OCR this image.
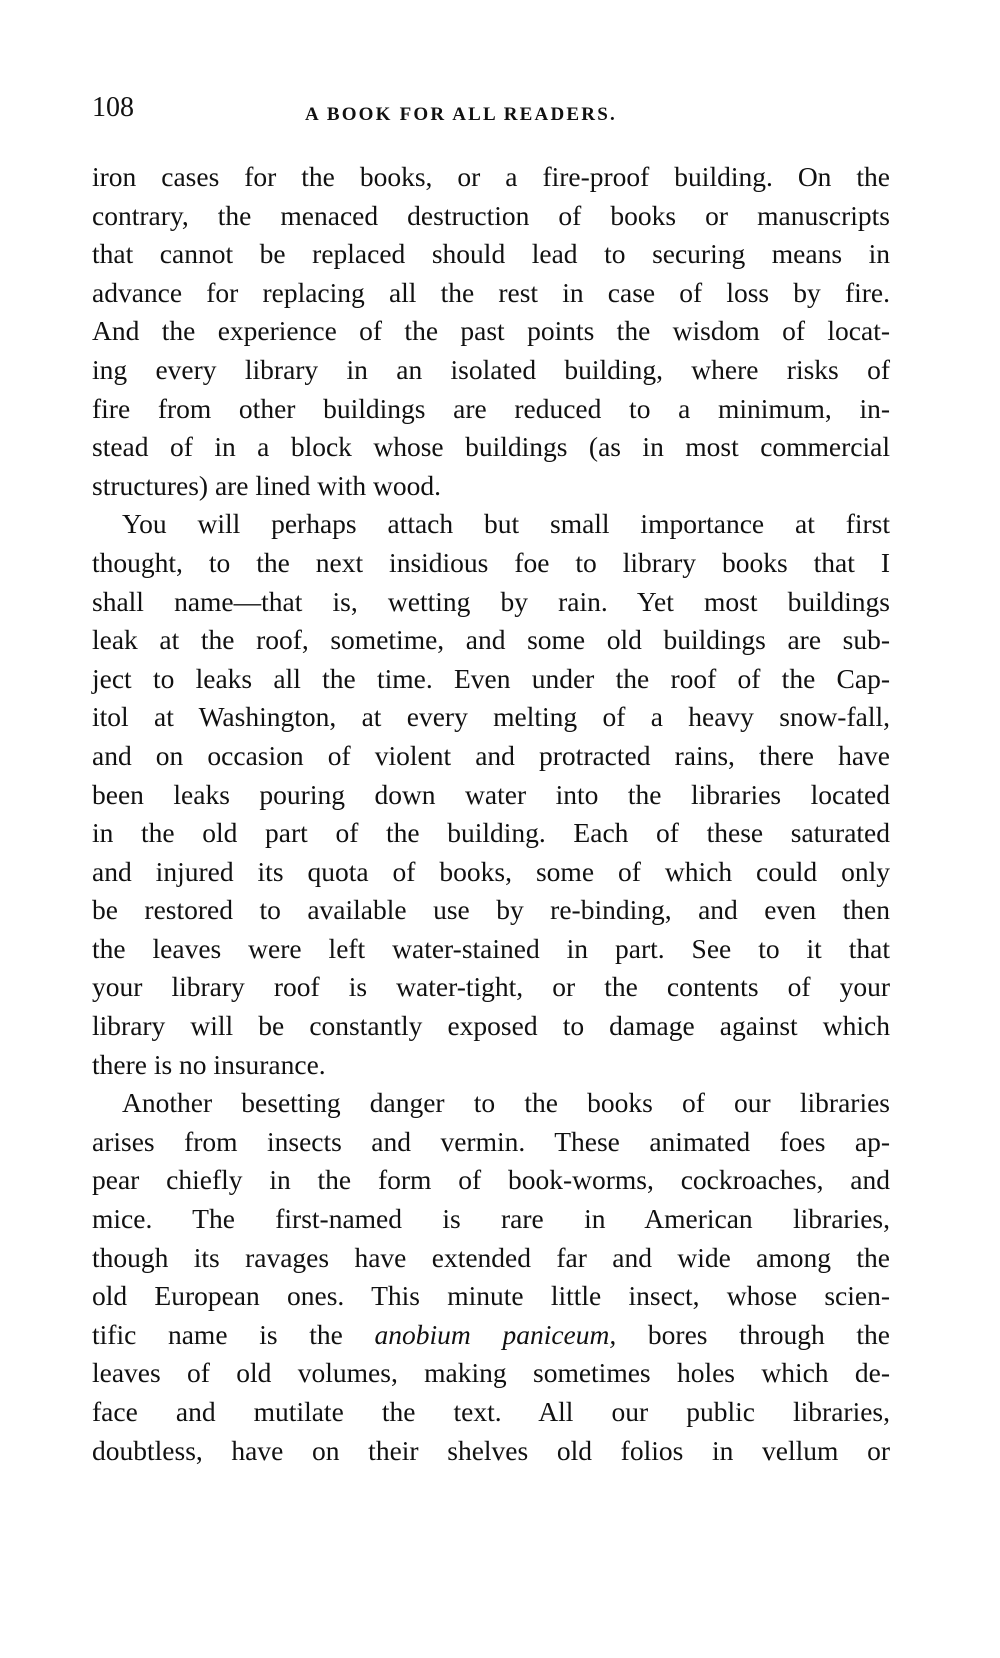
108	A BOOK FOR ALL READERS.
iron cases for the books, or a fire-proof building. On the
contrary, the menaced destruction of books or manuscripts
that cannot be replaced should lead to securing means in
advance for replacing all the rest in case of loss by fire.
And the experience of the past points the wisdom of locat-
ing every library in an isolated building, where risks of
fire from other buildings are reduced to a minimum, in-
stead of in a block whose buildings (as in most commercial
structures) are lined with wood.
You will perhaps attach but small importance at first
thought, to the next insidious foe to library books that I
shall name—that is, wetting by rain. Yet most buildings
leak at the roof, sometime, and some old buildings are sub-
ject to leaks all the time. Even under the roof of the Cap-
itol at Washington, at every melting of a heavy snow-fall,
and on occasion of violent and protracted rains, there have
been leaks pouring down water into the libraries located
in the old part of the building. Each of these saturated
and injured its quota of books, some of which could only
be restored to available use by re-binding, and even then
the leaves were left water-stained in part. See to it that
your library roof is water-tight, or the contents of your
library will be constantly exposed to damage against which
there is no insurance.
Another besetting danger to the books of our libraries
arises from insects and vermin. These animated foes ap-
pear chiefly in the form of book-worms, cockroaches, and
mice. The first-named is rare in American libraries,
though its ravages have extended far and wide among the
old European ones. This minute little insect, whose scien-
tific name is the anobium paniceum, bores through the
leaves of old volumes, making sometimes holes which de-
face and mutilate the text. All our public libraries,
doubtless, have on their shelves old folios in vellum or
